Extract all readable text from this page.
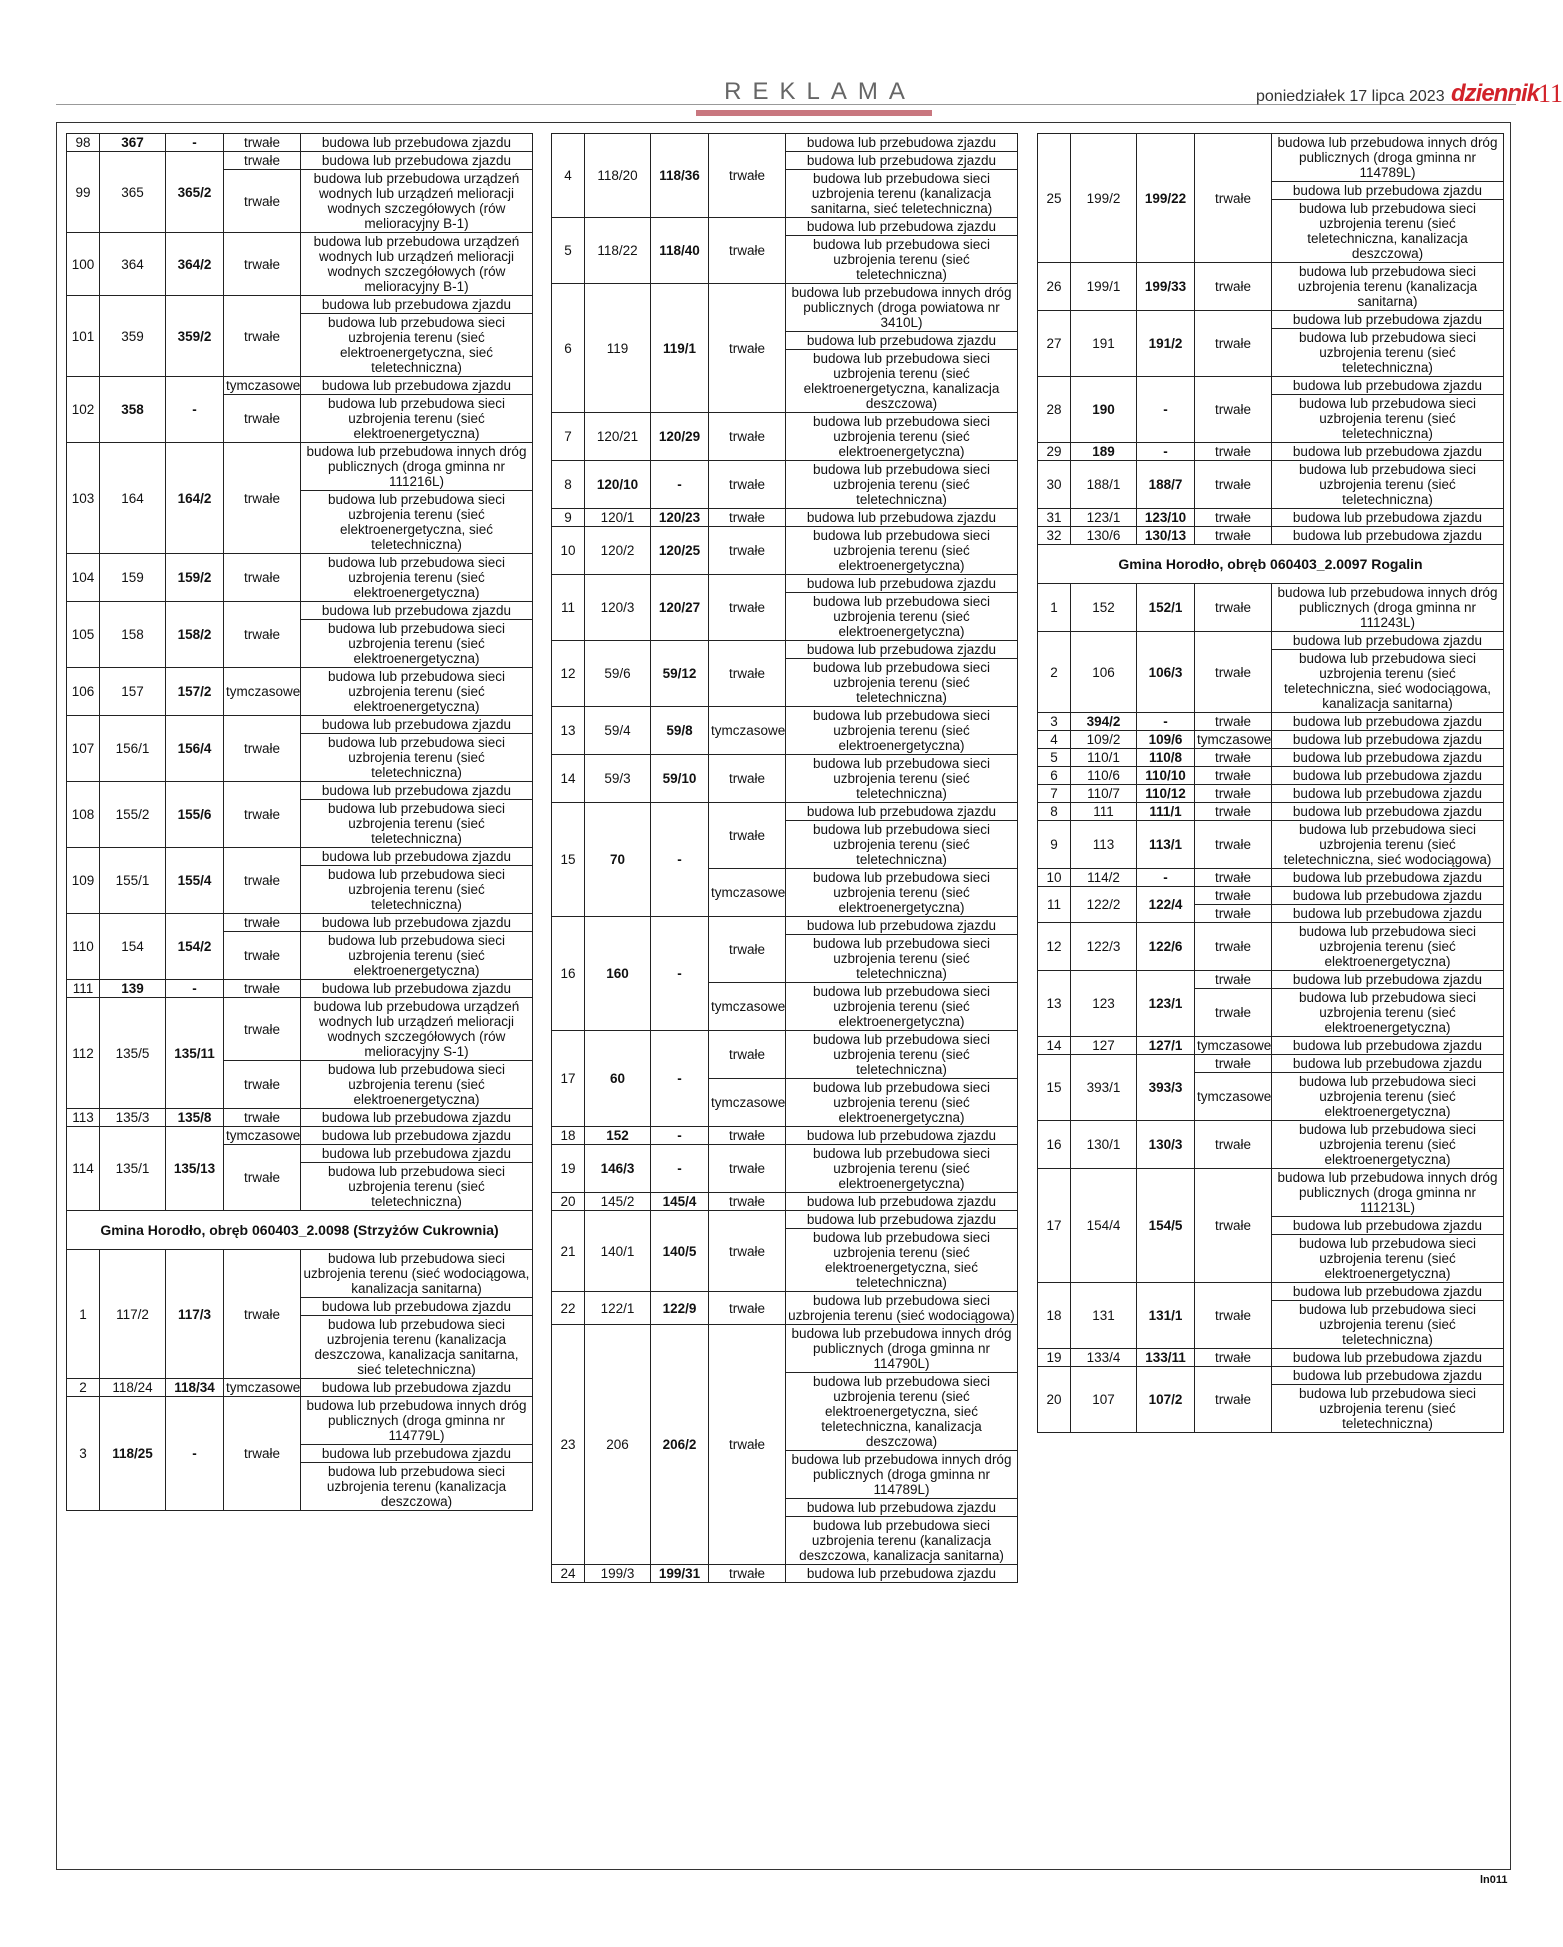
REKLAMA	poniedziałek 17 lipca 2023 dziennik
11
98	367	-	trwałe	budowa lub przebudowa zjazdu
99	365	365/2	trwałe	budowa lub przebudowa zjazdu
			trwałe	budowa lub przebudowa urządzeń wodnych lub urządzeń melioracji wodnych szczegółowych (rów melioracyjny B-1)
100	364	364/2	trwałe	budowa lub przebudowa urządzeń wodnych lub urządzeń melioracji wodnych szczegółowych (rów melioracyjny B-1)
101	359	359/2	trwałe	budowa lub przebudowa zjazdu
				budowa lub przebudowa sieci uzbrojenia terenu (sieć elektroenergetyczna, sieć teletechniczna)
102	358	-	tymczasowe	budowa lub przebudowa zjazdu
			trwałe	budowa lub przebudowa sieci uzbrojenia terenu (sieć elektroenergetyczna)
103	164	164/2	trwałe	budowa lub przebudowa innych dróg publicznych (droga gminna nr 111216L)
				budowa lub przebudowa sieci uzbrojenia terenu (sieć elektroenergetyczna, sieć teletechniczna)
104	159	159/2	trwałe	budowa lub przebudowa sieci uzbrojenia terenu (sieć elektroenergetyczna)
105	158	158/2	trwałe	budowa lub przebudowa zjazdu
				budowa lub przebudowa sieci uzbrojenia terenu (sieć elektroenergetyczna)
106	157	157/2	tymczasowe	budowa lub przebudowa sieci uzbrojenia terenu (sieć elektroenergetyczna)
107	156/1	156/4	trwałe	budowa lub przebudowa zjazdu
				budowa lub przebudowa sieci uzbrojenia terenu (sieć teletechniczna)
108	155/2	155/6	trwałe	budowa lub przebudowa zjazdu
				budowa lub przebudowa sieci uzbrojenia terenu (sieć teletechniczna)
109	155/1	155/4	trwałe	budowa lub przebudowa zjazdu
				budowa lub przebudowa sieci uzbrojenia terenu (sieć teletechniczna)
110	154	154/2	trwałe	budowa lub przebudowa zjazdu
			trwałe	budowa lub przebudowa sieci uzbrojenia terenu (sieć elektroenergetyczna)
111	139	-	trwałe	budowa lub przebudowa zjazdu
112	135/5	135/11	trwałe	budowa lub przebudowa urządzeń wodnych lub urządzeń melioracji wodnych szczegółowych (rów melioracyjny S-1)
			trwałe	budowa lub przebudowa sieci uzbrojenia terenu (sieć elektroenergetyczna)
113	135/3	135/8	trwałe	budowa lub przebudowa zjazdu
114	135/1	135/13	tymczasowe	budowa lub przebudowa zjazdu
			trwałe	budowa lub przebudowa zjazdu
				budowa lub przebudowa sieci uzbrojenia terenu (sieć teletechniczna)
Gmina Horodło, obręb 060403_2.0098 (Strzyżów Cukrownia)				
1	117/2	117/3	trwałe	budowa lub przebudowa sieci uzbrojenia terenu (sieć wodociągowa, kanalizacja sanitarna)
				budowa lub przebudowa zjazdu
				budowa lub przebudowa sieci uzbrojenia terenu (kanalizacja deszczowa, kanalizacja sanitarna, sieć teletechniczna)
2	118/24	118/34	tymczasowe	budowa lub przebudowa zjazdu
3	118/25	-	trwałe	budowa lub przebudowa innych dróg publicznych (droga gminna nr 114779L)
				budowa lub przebudowa zjazdu
				budowa lub przebudowa sieci uzbrojenia terenu (kanalizacja deszczowa)
4	118/20	118/36	trwałe	budowa lub przebudowa zjazdu
				budowa lub przebudowa zjazdu
				budowa lub przebudowa sieci uzbrojenia terenu (kanalizacja sanitarna, sieć teletechniczna)
5	118/22	118/40	trwałe	budowa lub przebudowa zjazdu
				budowa lub przebudowa sieci uzbrojenia terenu (sieć teletechniczna)
6	119	119/1	trwałe	budowa lub przebudowa innych dróg publicznych (droga powiatowa nr 3410L)
				budowa lub przebudowa zjazdu
				budowa lub przebudowa sieci uzbrojenia terenu (sieć elektroenergetyczna, kanalizacja deszczowa)
7	120/21	120/29	trwałe	budowa lub przebudowa sieci uzbrojenia terenu (sieć elektroenergetyczna)
8	120/10	-	trwałe	budowa lub przebudowa sieci uzbrojenia terenu (sieć teletechniczna)
9	120/1	120/23	trwałe	budowa lub przebudowa zjazdu
10	120/2	120/25	trwałe	budowa lub przebudowa sieci uzbrojenia terenu (sieć elektroenergetyczna)
11	120/3	120/27	trwałe	budowa lub przebudowa zjazdu
				budowa lub przebudowa sieci uzbrojenia terenu (sieć elektroenergetyczna)
12	59/6	59/12	trwałe	budowa lub przebudowa zjazdu
				budowa lub przebudowa sieci uzbrojenia terenu (sieć teletechniczna)
13	59/4	59/8	tymczasowe	budowa lub przebudowa sieci uzbrojenia terenu (sieć elektroenergetyczna)
14	59/3	59/10	trwałe	budowa lub przebudowa sieci uzbrojenia terenu (sieć teletechniczna)
15	70	-	trwałe	budowa lub przebudowa zjazdu
				budowa lub przebudowa sieci uzbrojenia terenu (sieć teletechniczna)
			tymczasowe	budowa lub przebudowa sieci uzbrojenia terenu (sieć elektroenergetyczna)
16	160	-	trwałe	budowa lub przebudowa zjazdu
				budowa lub przebudowa sieci uzbrojenia terenu (sieć teletechniczna)
			tymczasowe	budowa lub przebudowa sieci uzbrojenia terenu (sieć elektroenergetyczna)
17	60	-	trwałe	budowa lub przebudowa sieci uzbrojenia terenu (sieć teletechniczna)
			tymczasowe	budowa lub przebudowa sieci uzbrojenia terenu (sieć elektroenergetyczna)
18	152	-	trwałe	budowa lub przebudowa zjazdu
19	146/3	-	trwałe	budowa lub przebudowa sieci uzbrojenia terenu (sieć elektroenergetyczna)
20	145/2	145/4	trwałe	budowa lub przebudowa zjazdu
21	140/1	140/5	trwałe	budowa lub przebudowa zjazdu
				budowa lub przebudowa sieci uzbrojenia terenu (sieć elektroenergetyczna, sieć teletechniczna)
22	122/1	122/9	trwałe	budowa lub przebudowa sieci uzbrojenia terenu (sieć wodociągowa)
23	206	206/2	trwałe	budowa lub przebudowa innych dróg publicznych (droga gminna nr 114790L)
				budowa lub przebudowa sieci uzbrojenia terenu (sieć elektroenergetyczna, sieć teletechniczna, kanalizacja deszczowa)
				budowa lub przebudowa innych dróg publicznych (droga gminna nr 114789L)
				budowa lub przebudowa zjazdu
				budowa lub przebudowa sieci uzbrojenia terenu (kanalizacja deszczowa, kanalizacja sanitarna)
24	199/3	199/31	trwałe	budowa lub przebudowa zjazdu
25	199/2	199/22	trwałe	budowa lub przebudowa innych dróg publicznych (droga gminna nr 114789L)
				budowa lub przebudowa zjazdu
				budowa lub przebudowa sieci uzbrojenia terenu (sieć teletechniczna, kanalizacja deszczowa)
26	199/1	199/33	trwałe	budowa lub przebudowa sieci uzbrojenia terenu (kanalizacja sanitarna)
27	191	191/2	trwałe	budowa lub przebudowa zjazdu
				budowa lub przebudowa sieci uzbrojenia terenu (sieć teletechniczna)
28	190	-	trwałe	budowa lub przebudowa zjazdu
				budowa lub przebudowa sieci uzbrojenia terenu (sieć teletechniczna)
29	189	-	trwałe	budowa lub przebudowa zjazdu
30	188/1	188/7	trwałe	budowa lub przebudowa sieci uzbrojenia terenu (sieć teletechniczna)
31	123/1	123/10	trwałe	budowa lub przebudowa zjazdu
32	130/6	130/13	trwałe	budowa lub przebudowa zjazdu
Gmina Horodło, obręb 060403_2.0097 Rogalin				
1	152	152/1	trwałe	budowa lub przebudowa innych dróg publicznych (droga gminna nr 111243L)
2	106	106/3	trwałe	budowa lub przebudowa zjazdu
				budowa lub przebudowa sieci uzbrojenia terenu (sieć teletechniczna, sieć wodociągowa, kanalizacja sanitarna)
3	394/2	-	trwałe	budowa lub przebudowa zjazdu
4	109/2	109/6	tymczasowe	budowa lub przebudowa zjazdu
5	110/1	110/8	trwałe	budowa lub przebudowa zjazdu
6	110/6	110/10	trwałe	budowa lub przebudowa zjazdu
7	110/7	110/12	trwałe	budowa lub przebudowa zjazdu
8	111	111/1	trwałe	budowa lub przebudowa zjazdu
9	113	113/1	trwałe	budowa lub przebudowa sieci uzbrojenia terenu (sieć teletechniczna, sieć wodociągowa)
10	114/2	-	trwałe	budowa lub przebudowa zjazdu
11	122/2	122/4	trwałe	budowa lub przebudowa zjazdu
			trwałe	budowa lub przebudowa zjazdu
12	122/3	122/6	trwałe	budowa lub przebudowa sieci uzbrojenia terenu (sieć elektroenergetyczna)
13	123	123/1	trwałe	budowa lub przebudowa zjazdu
			trwałe	budowa lub przebudowa sieci uzbrojenia terenu (sieć elektroenergetyczna)
14	127	127/1	tymczasowe	budowa lub przebudowa zjazdu
15	393/1	393/3	trwałe	budowa lub przebudowa zjazdu
			tymczasowe	budowa lub przebudowa sieci uzbrojenia terenu (sieć elektroenergetyczna)
16	130/1	130/3	trwałe	budowa lub przebudowa sieci uzbrojenia terenu (sieć elektroenergetyczna)
17	154/4	154/5	trwałe	budowa lub przebudowa innych dróg publicznych (droga gminna nr 111213L)
				budowa lub przebudowa zjazdu
				budowa lub przebudowa sieci uzbrojenia terenu (sieć elektroenergetyczna)
18	131	131/1	trwałe	budowa lub przebudowa zjazdu
				budowa lub przebudowa sieci uzbrojenia terenu (sieć teletechniczna)
19	133/4	133/11	trwałe	budowa lub przebudowa zjazdu
20	107	107/2	trwałe	budowa lub przebudowa zjazdu
				budowa lub przebudowa sieci uzbrojenia terenu (sieć teletechniczna)
ln011
